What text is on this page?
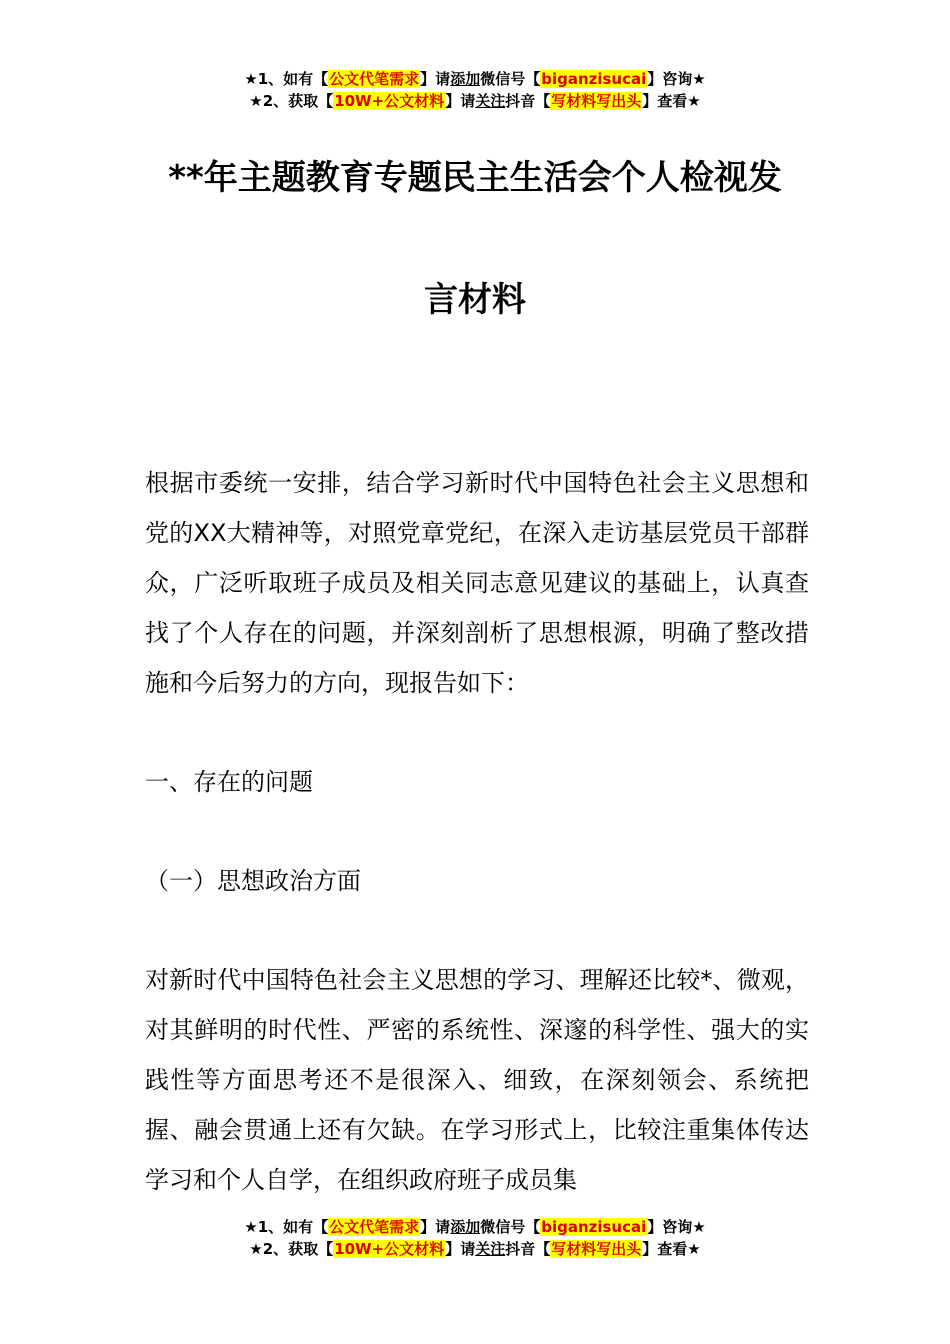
★1、如有【公文代笔需求】请添加微信号【biganzisucai】咨询★
★2、获取【10W+公文材料】请关注抖音【写材料写出头】查看★
**年主题教育专题民主生活会个人检视发
言材料
根据市委统一安排，结合学习新时代中国特色社会主义思想和党的XX大精神等，对照党章党纪，在深入走访基层党员干部群众，广泛听取班子成员及相关同志意见建议的基础上，认真查找了个人存在的问题，并深刻剖析了思想根源，明确了整改措施和今后努力的方向，现报告如下：
一、存在的问题
（一）思想政治方面
对新时代中国特色社会主义思想的学习、理解还比较*、微观，对其鲜明的时代性、严密的系统性、深邃的科学性、强大的实践性等方面思考还不是很深入、细致，在深刻领会、系统把握、融会贯通上还有欠缺。在学习形式上，比较注重集体传达学习和个人自学，在组织政府班子成员集
★1、如有【公文代笔需求】请添加微信号【biganzisucai】咨询★
★2、获取【10W+公文材料】请关注抖音【写材料写出头】查看★
